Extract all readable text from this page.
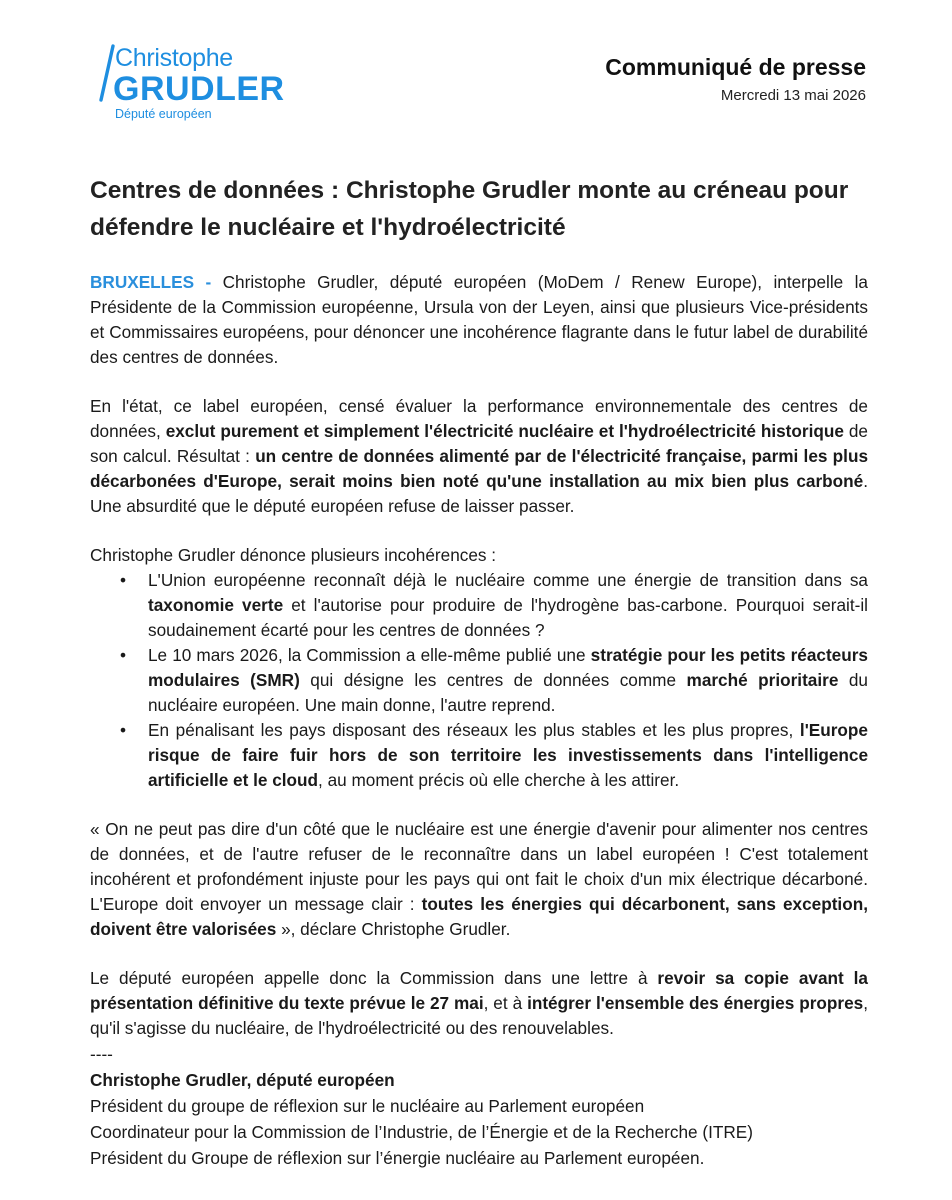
Christophe
GRUDLER
Député européen
Communiqué de presse
Mercredi 13 mai 2026
Centres de données : Christophe Grudler monte au créneau pour défendre le nucléaire et l'hydroélectricité

BRUXELLES - Christophe Grudler, député européen (MoDem / Renew Europe), interpelle la Présidente de la Commission européenne, Ursula von der Leyen, ainsi que plusieurs Vice-présidents et Commissaires européens, pour dénoncer une incohérence flagrante dans le futur label de durabilité des centres de données.

En l'état, ce label européen, censé évaluer la performance environnementale des centres de données, exclut purement et simplement l'électricité nucléaire et l'hydroélectricité historique de son calcul. Résultat : un centre de données alimenté par de l'électricité française, parmi les plus décarbonées d'Europe, serait moins bien noté qu'une installation au mix bien plus carboné. Une absurdité que le député européen refuse de laisser passer.

Christophe Grudler dénonce plusieurs incohérences :

• L'Union européenne reconnaît déjà le nucléaire comme une énergie de transition dans sa taxonomie verte et l'autorise pour produire de l'hydrogène bas-carbone. Pourquoi serait-il soudainement écarté pour les centres de données ?
• Le 10 mars 2026, la Commission a elle-même publié une stratégie pour les petits réacteurs modulaires (SMR) qui désigne les centres de données comme marché prioritaire du nucléaire européen. Une main donne, l'autre reprend.
• En pénalisant les pays disposant des réseaux les plus stables et les plus propres, l'Europe risque de faire fuir hors de son territoire les investissements dans l'intelligence artificielle et le cloud, au moment précis où elle cherche à les attirer.

« On ne peut pas dire d'un côté que le nucléaire est une énergie d'avenir pour alimenter nos centres de données, et de l'autre refuser de le reconnaître dans un label européen ! C'est totalement incohérent et profondément injuste pour les pays qui ont fait le choix d'un mix électrique décarboné. L'Europe doit envoyer un message clair : toutes les énergies qui décarbonent, sans exception, doivent être valorisées », déclare Christophe Grudler.

Le député européen appelle donc la Commission dans une lettre à revoir sa copie avant la présentation définitive du texte prévue le 27 mai, et à intégrer l'ensemble des énergies propres, qu'il s'agisse du nucléaire, de l'hydroélectricité ou des renouvelables.

----

Christophe Grudler, député européen

Président du groupe de réflexion sur le nucléaire au Parlement européen

Coordinateur pour la Commission de l’Industrie, de l’Énergie et de la Recherche (ITRE)

Président du Groupe de réflexion sur l’énergie nucléaire au Parlement européen.
